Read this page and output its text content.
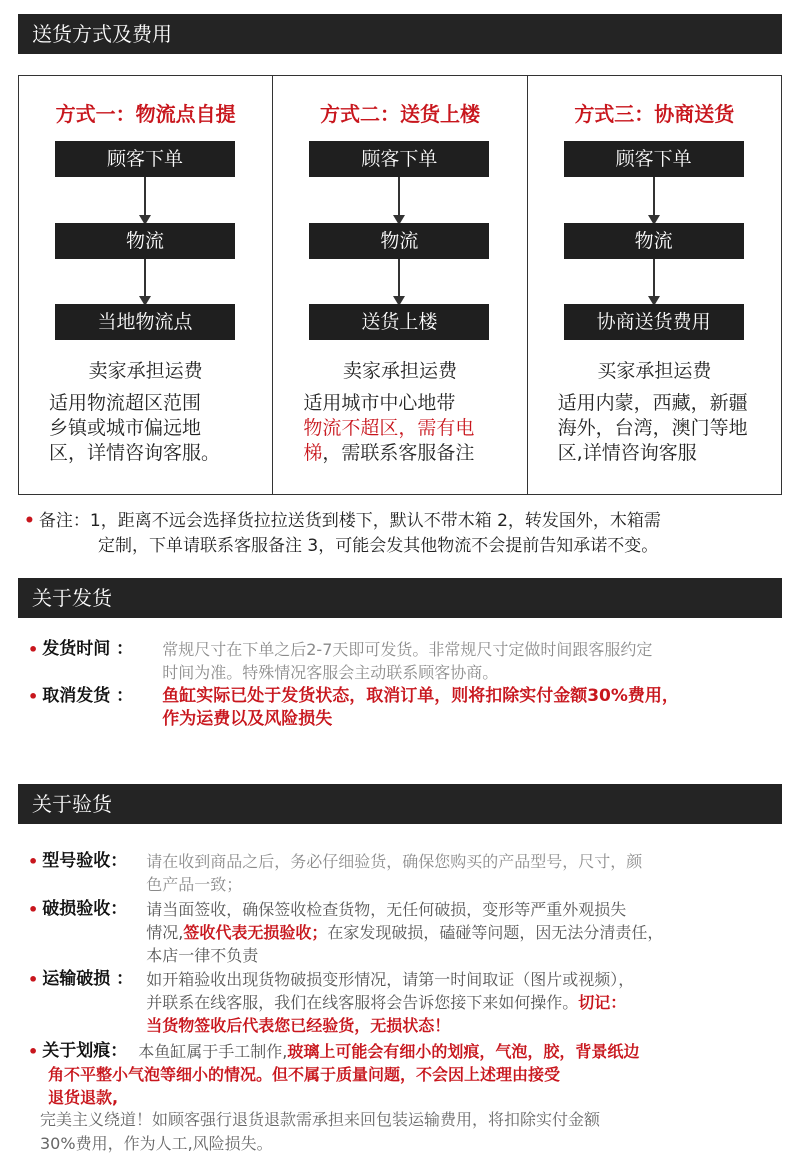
送货方式及费用
方式一：物流点自提
顾客下单
物流
当地物流点
卖家承担运费
适用物流超区范围
乡镇或城市偏远地
区，详情咨询客服。
方式二：送货上楼
顾客下单
物流
送货上楼
卖家承担运费
适用城市中心地带
物流不超区，需有电
梯，需联系客服备注
方式三：协商送货
顾客下单
物流
协商送货费用
买家承担运费
适用内蒙，西藏，新疆
海外，台湾，澳门等地
区,详情咨询客服
• 备注：1，距离不远会选择货拉拉送货到楼下，默认不带木箱 2，转发国外，木箱需
定制，下单请联系客服备注 3，可能会发其他物流不会提前告知承诺不变。
关于发货
• 发货时间 ：	常规尺寸在下单之后2-7天即可发货。非常规尺寸定做时间跟客服约定
时间为准。特殊情况客服会主动联系顾客协商。
• 取消发货 ：	鱼缸实际已处于发货状态，取消订单，则将扣除实付金额30%费用，
作为运费以及风险损失
关于验货
• 型号验收：	请在收到商品之后，务必仔细验货，确保您购买的产品型号，尺寸，颜
色产品一致；
• 破损验收：	请当面签收，确保签收检查货物，无任何破损，变形等严重外观损失
情况,签收代表无损验收；在家发现破损，磕碰等问题，因无法分清责任，
本店一律不负责
• 运输破损 ： 如开箱验收出现货物破损变形情况，请第一时间取证（图片或视频），
并联系在线客服，我们在线客服将会告诉您接下来如何操作。切记：
当货物签收后代表您已经验货，无损状态！
• 关于划痕： 本鱼缸属于手工制作,玻璃上可能会有细小的划痕，气泡，胶，背景纸边
角不平整小气泡等细小的情况。但不属于质量问题，不会因上述理由接受
退货退款,
完美主义绕道！如顾客强行退货退款需承担来回包装运输费用，将扣除实付金额
30%费用，作为人工,风险损失。
